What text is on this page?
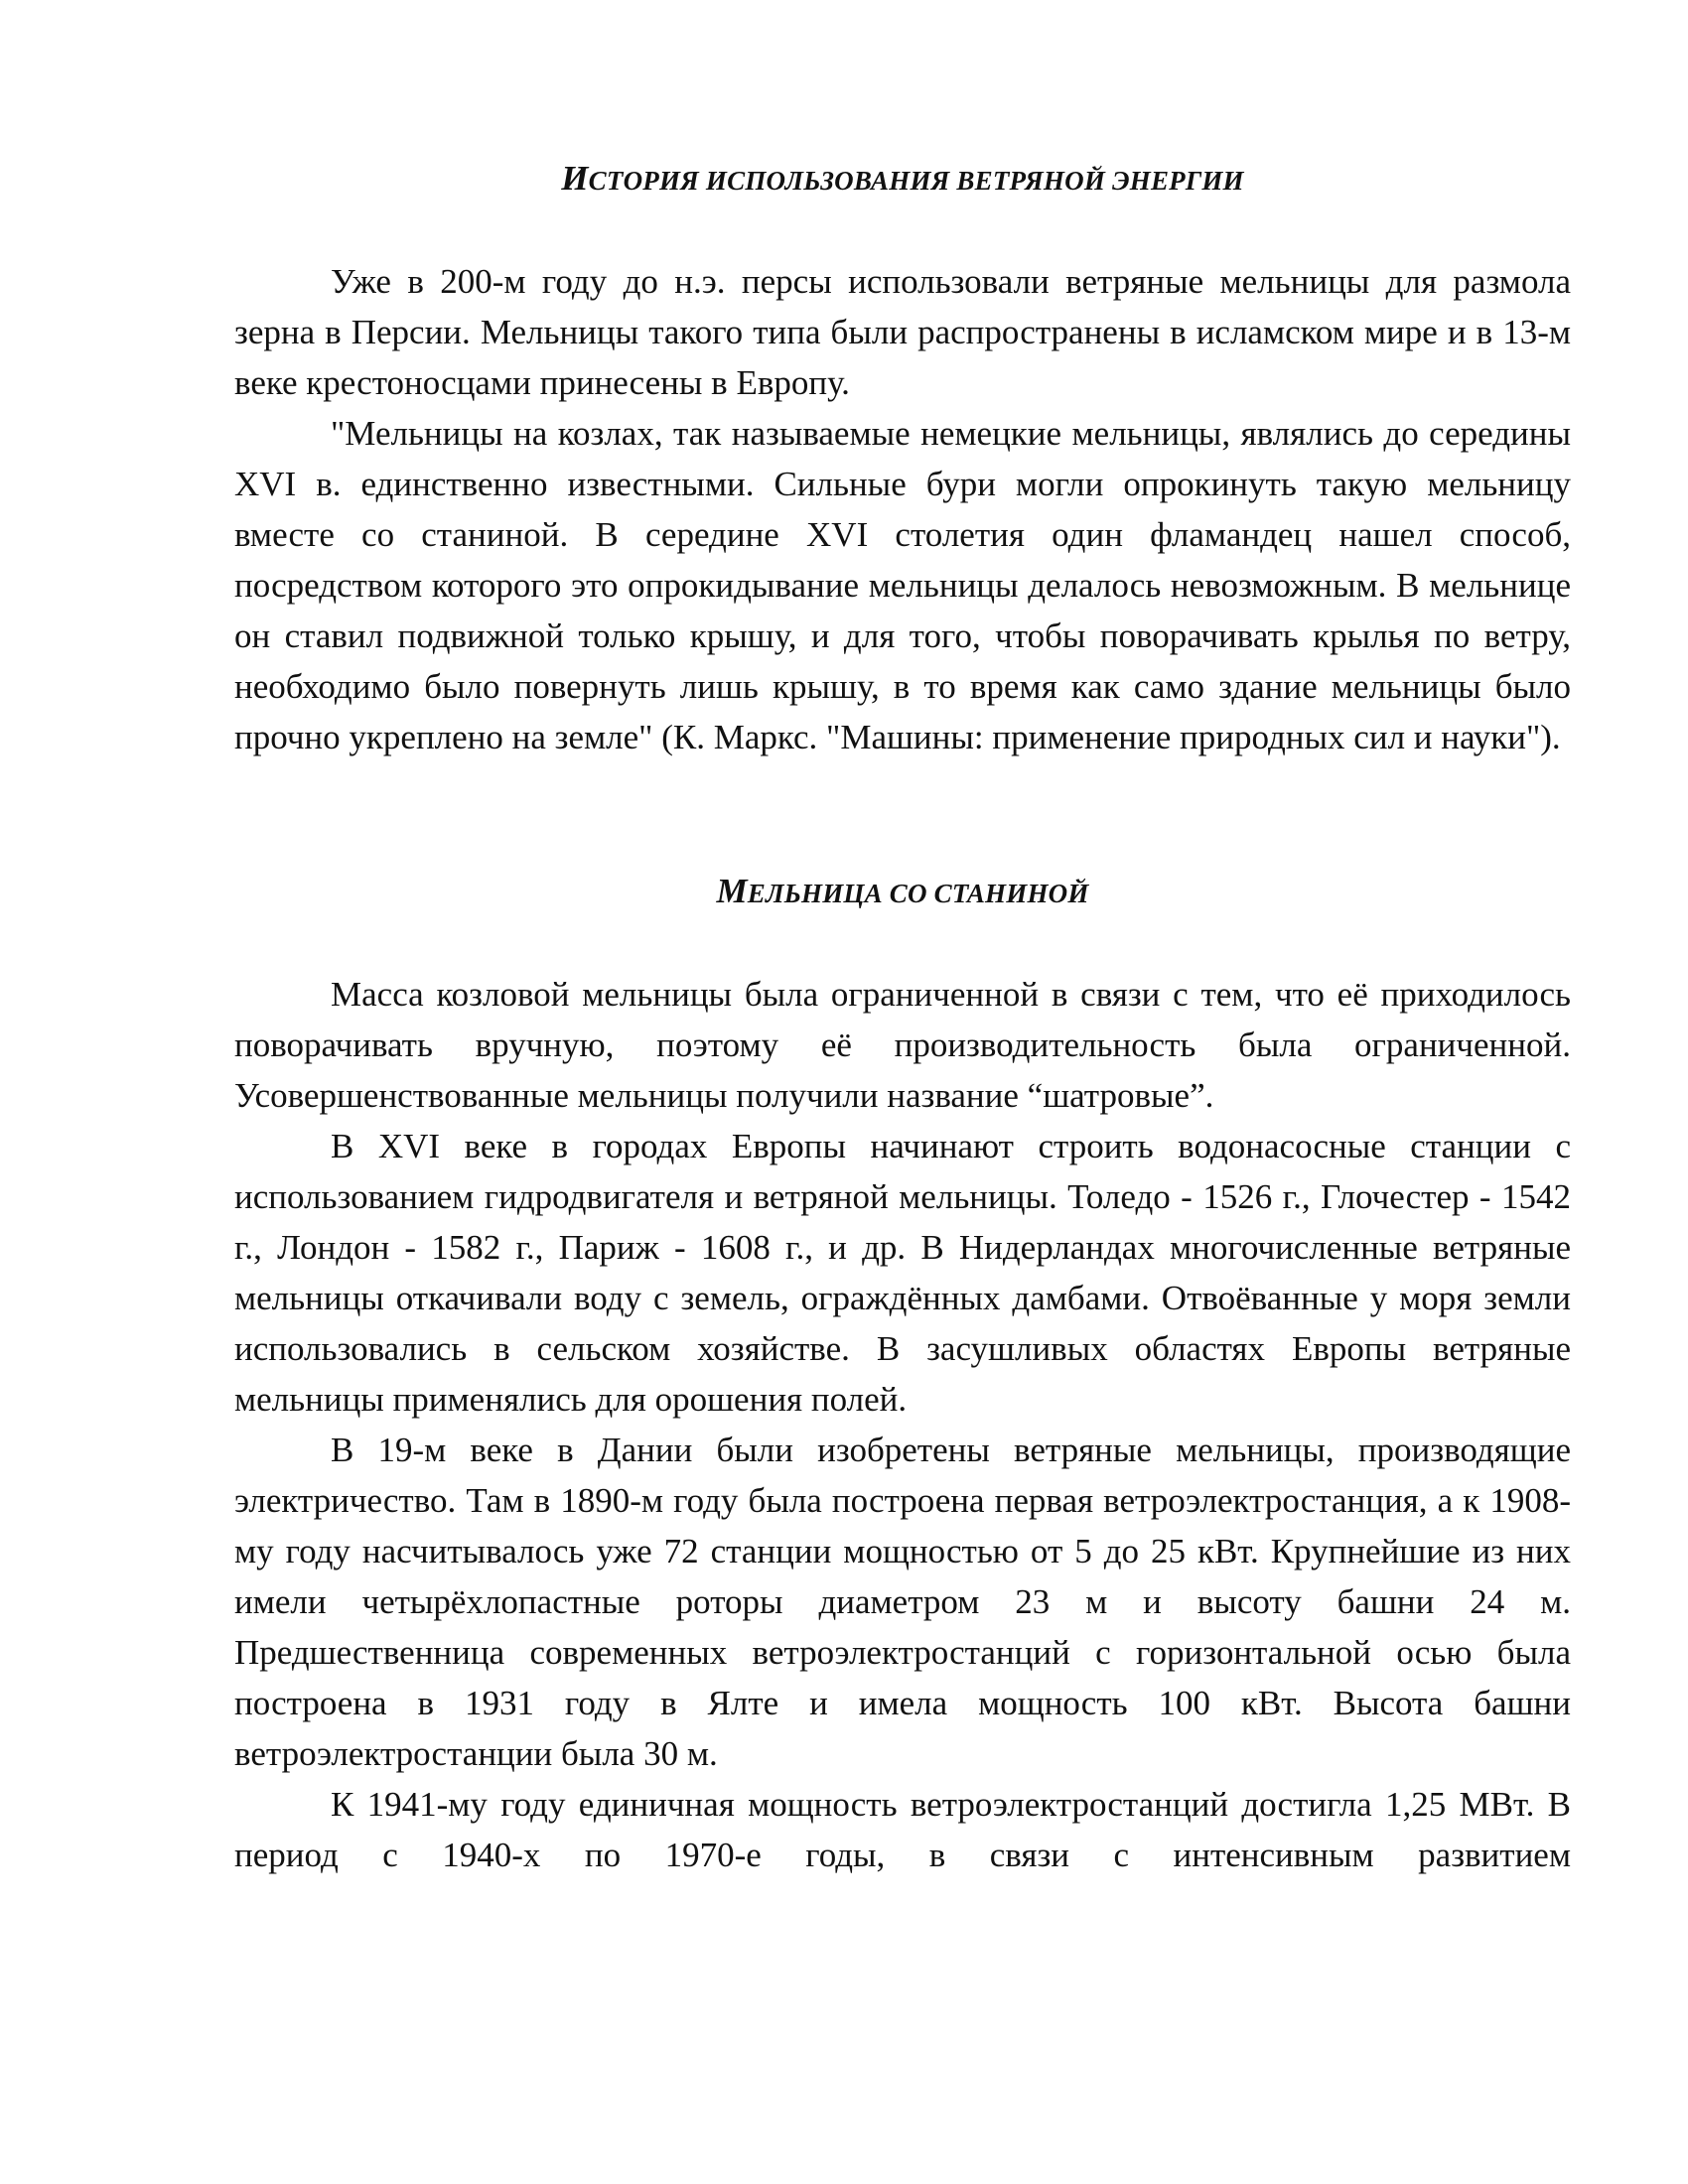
ИСТОРИЯ ИСПОЛЬЗОВАНИЯ ВЕТРЯНОЙ ЭНЕРГИИ

Уже в 200-м году до н.э. персы использовали ветряные мельницы для размола зерна в Персии. Мельницы такого типа были распространены в исламском мире и в 13-м веке крестоносцами принесены в Европу.

"Мельницы на козлах, так называемые немецкие мельницы, являлись до середины XVI в. единственно известными. Сильные бури могли опрокинуть такую мельницу вместе со станиной. В середине XVI столетия один фламандец нашел способ, посредством которого это опрокидывание мельницы делалось невозможным. В мельнице он ставил подвижной только крышу, и для того, чтобы поворачивать крылья по ветру, необходимо было повернуть лишь крышу, в то время как само здание мельницы было прочно укреплено на земле" (К. Маркс. "Машины: применение природных сил и науки").

МЕЛЬНИЦА СО СТАНИНОЙ

Масса козловой мельницы была ограниченной в связи с тем, что её приходилось поворачивать вручную, поэтому её производительность была ограниченной. Усовершенствованные мельницы получили название “шатровые”.

В XVI веке в городах Европы начинают строить водонасосные станции с использованием гидродвигателя и ветряной мельницы. Толедо - 1526 г., Глочестер - 1542 г., Лондон - 1582 г., Париж - 1608 г., и др. В Нидерландах многочисленные ветряные мельницы откачивали воду с земель, ограждённых дамбами. Отвоёванные у моря земли использовались в сельском хозяйстве. В засушливых областях Европы ветряные мельницы применялись для орошения полей.

В 19-м веке в Дании были изобретены ветряные мельницы, производящие электричество. Там в 1890-м году была построена первая ветроэлектростанция, а к 1908-му году насчитывалось уже 72 станции мощностью от 5 до 25 кВт. Крупнейшие из них имели четырёхлопастные роторы диаметром 23 м и высоту башни 24 м. Предшественница современных ветроэлектростанций с горизонтальной осью была построена в 1931 году в Ялте и имела мощность 100 кВт. Высота башни ветроэлектростанции была 30 м.

К 1941-му году единичная мощность ветроэлектростанций достигла 1,25 МВт. В период с 1940-х по 1970-е годы, в связи с интенсивным развитием
